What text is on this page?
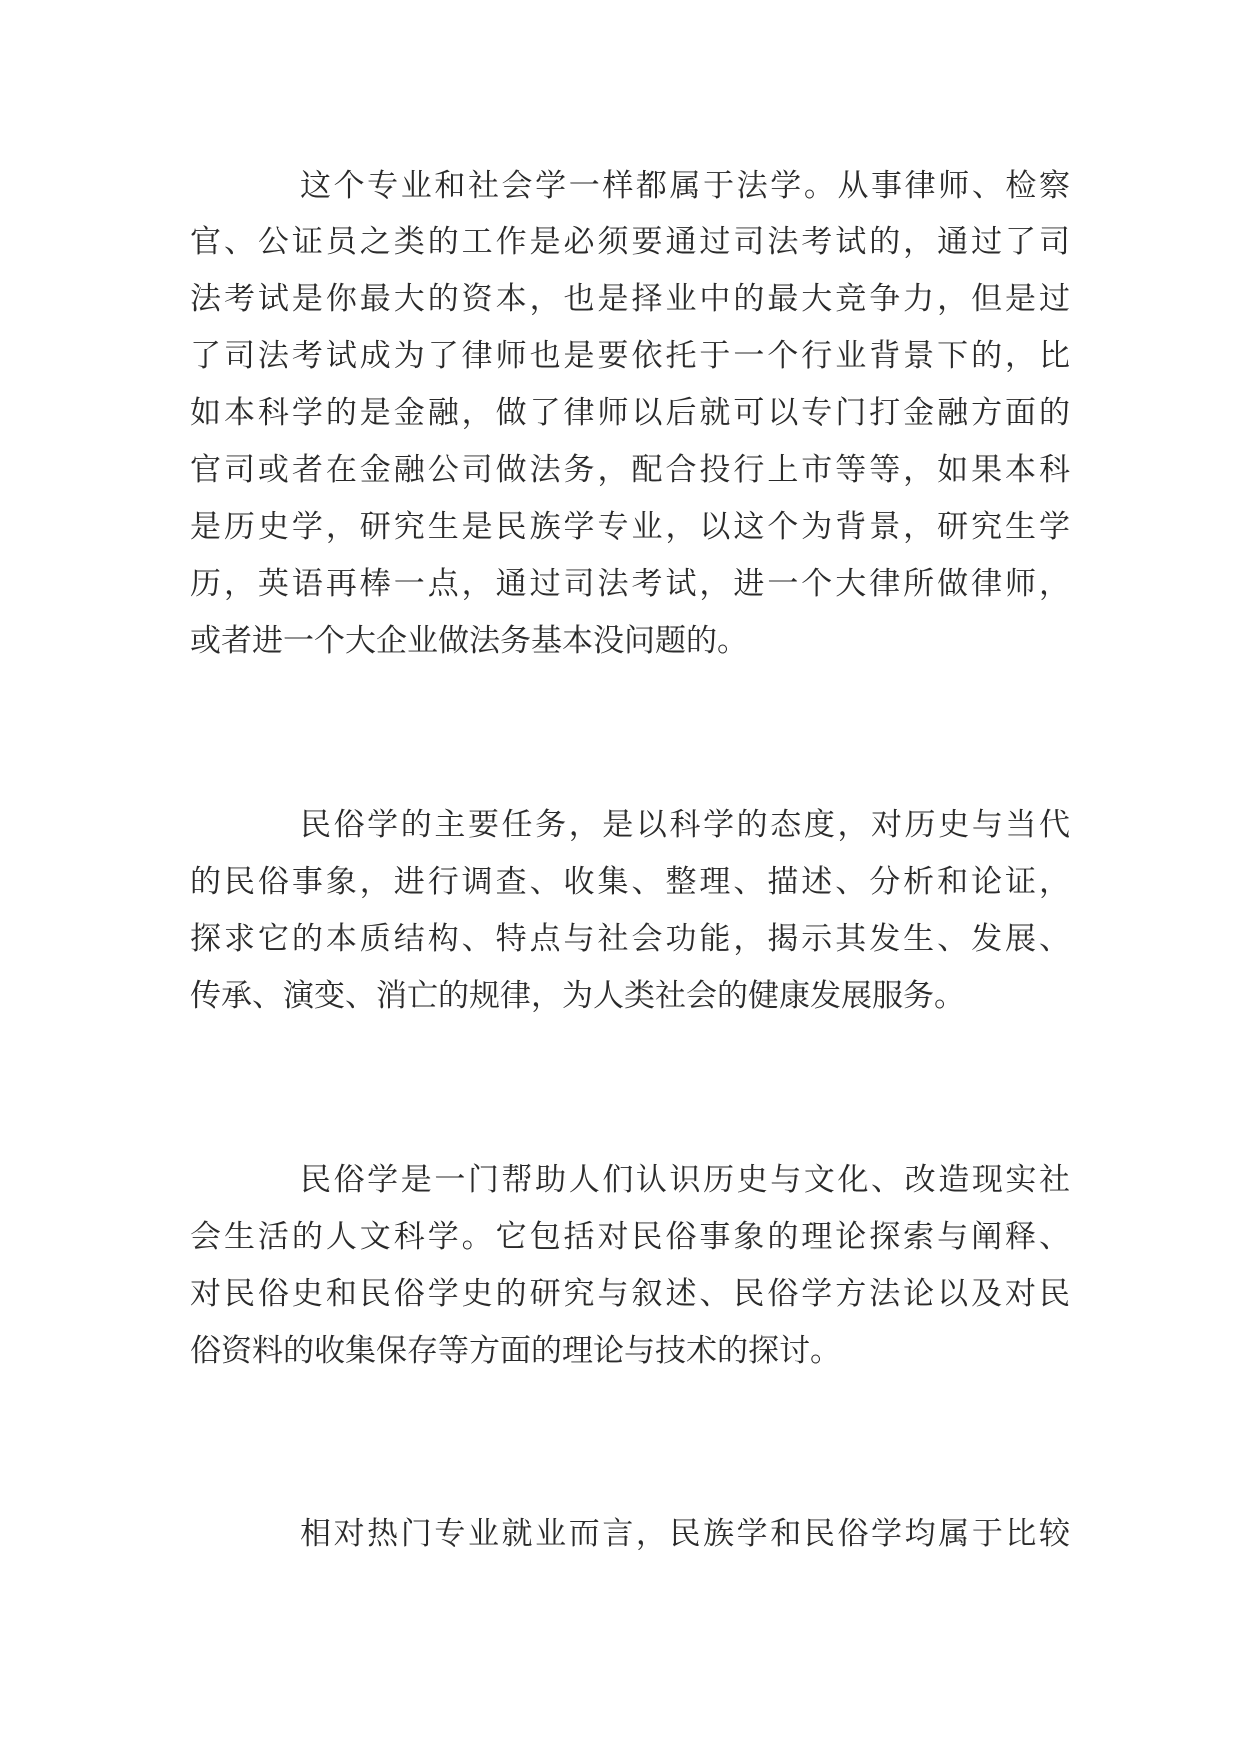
这个专业和社会学一样都属于法学。从事律师、检察
官、公证员之类的工作是必须要通过司法考试的，通过了司
法考试是你最大的资本，也是择业中的最大竞争力，但是过
了司法考试成为了律师也是要依托于一个行业背景下的，比
如本科学的是金融，做了律师以后就可以专门打金融方面的
官司或者在金融公司做法务，配合投行上市等等，如果本科
是历史学，研究生是民族学专业，以这个为背景，研究生学
历，英语再棒一点，通过司法考试，进一个大律所做律师，
或者进一个大企业做法务基本没问题的。
民俗学的主要任务，是以科学的态度，对历史与当代
的民俗事象，进行调查、收集、整理、描述、分析和论证，
探求它的本质结构、特点与社会功能，揭示其发生、发展、
传承、演变、消亡的规律，为人类社会的健康发展服务。
民俗学是一门帮助人们认识历史与文化、改造现实社
会生活的人文科学。它包括对民俗事象的理论探索与阐释、
对民俗史和民俗学史的研究与叙述、民俗学方法论以及对民
俗资料的收集保存等方面的理论与技术的探讨。
相对热门专业就业而言，民族学和民俗学均属于比较
